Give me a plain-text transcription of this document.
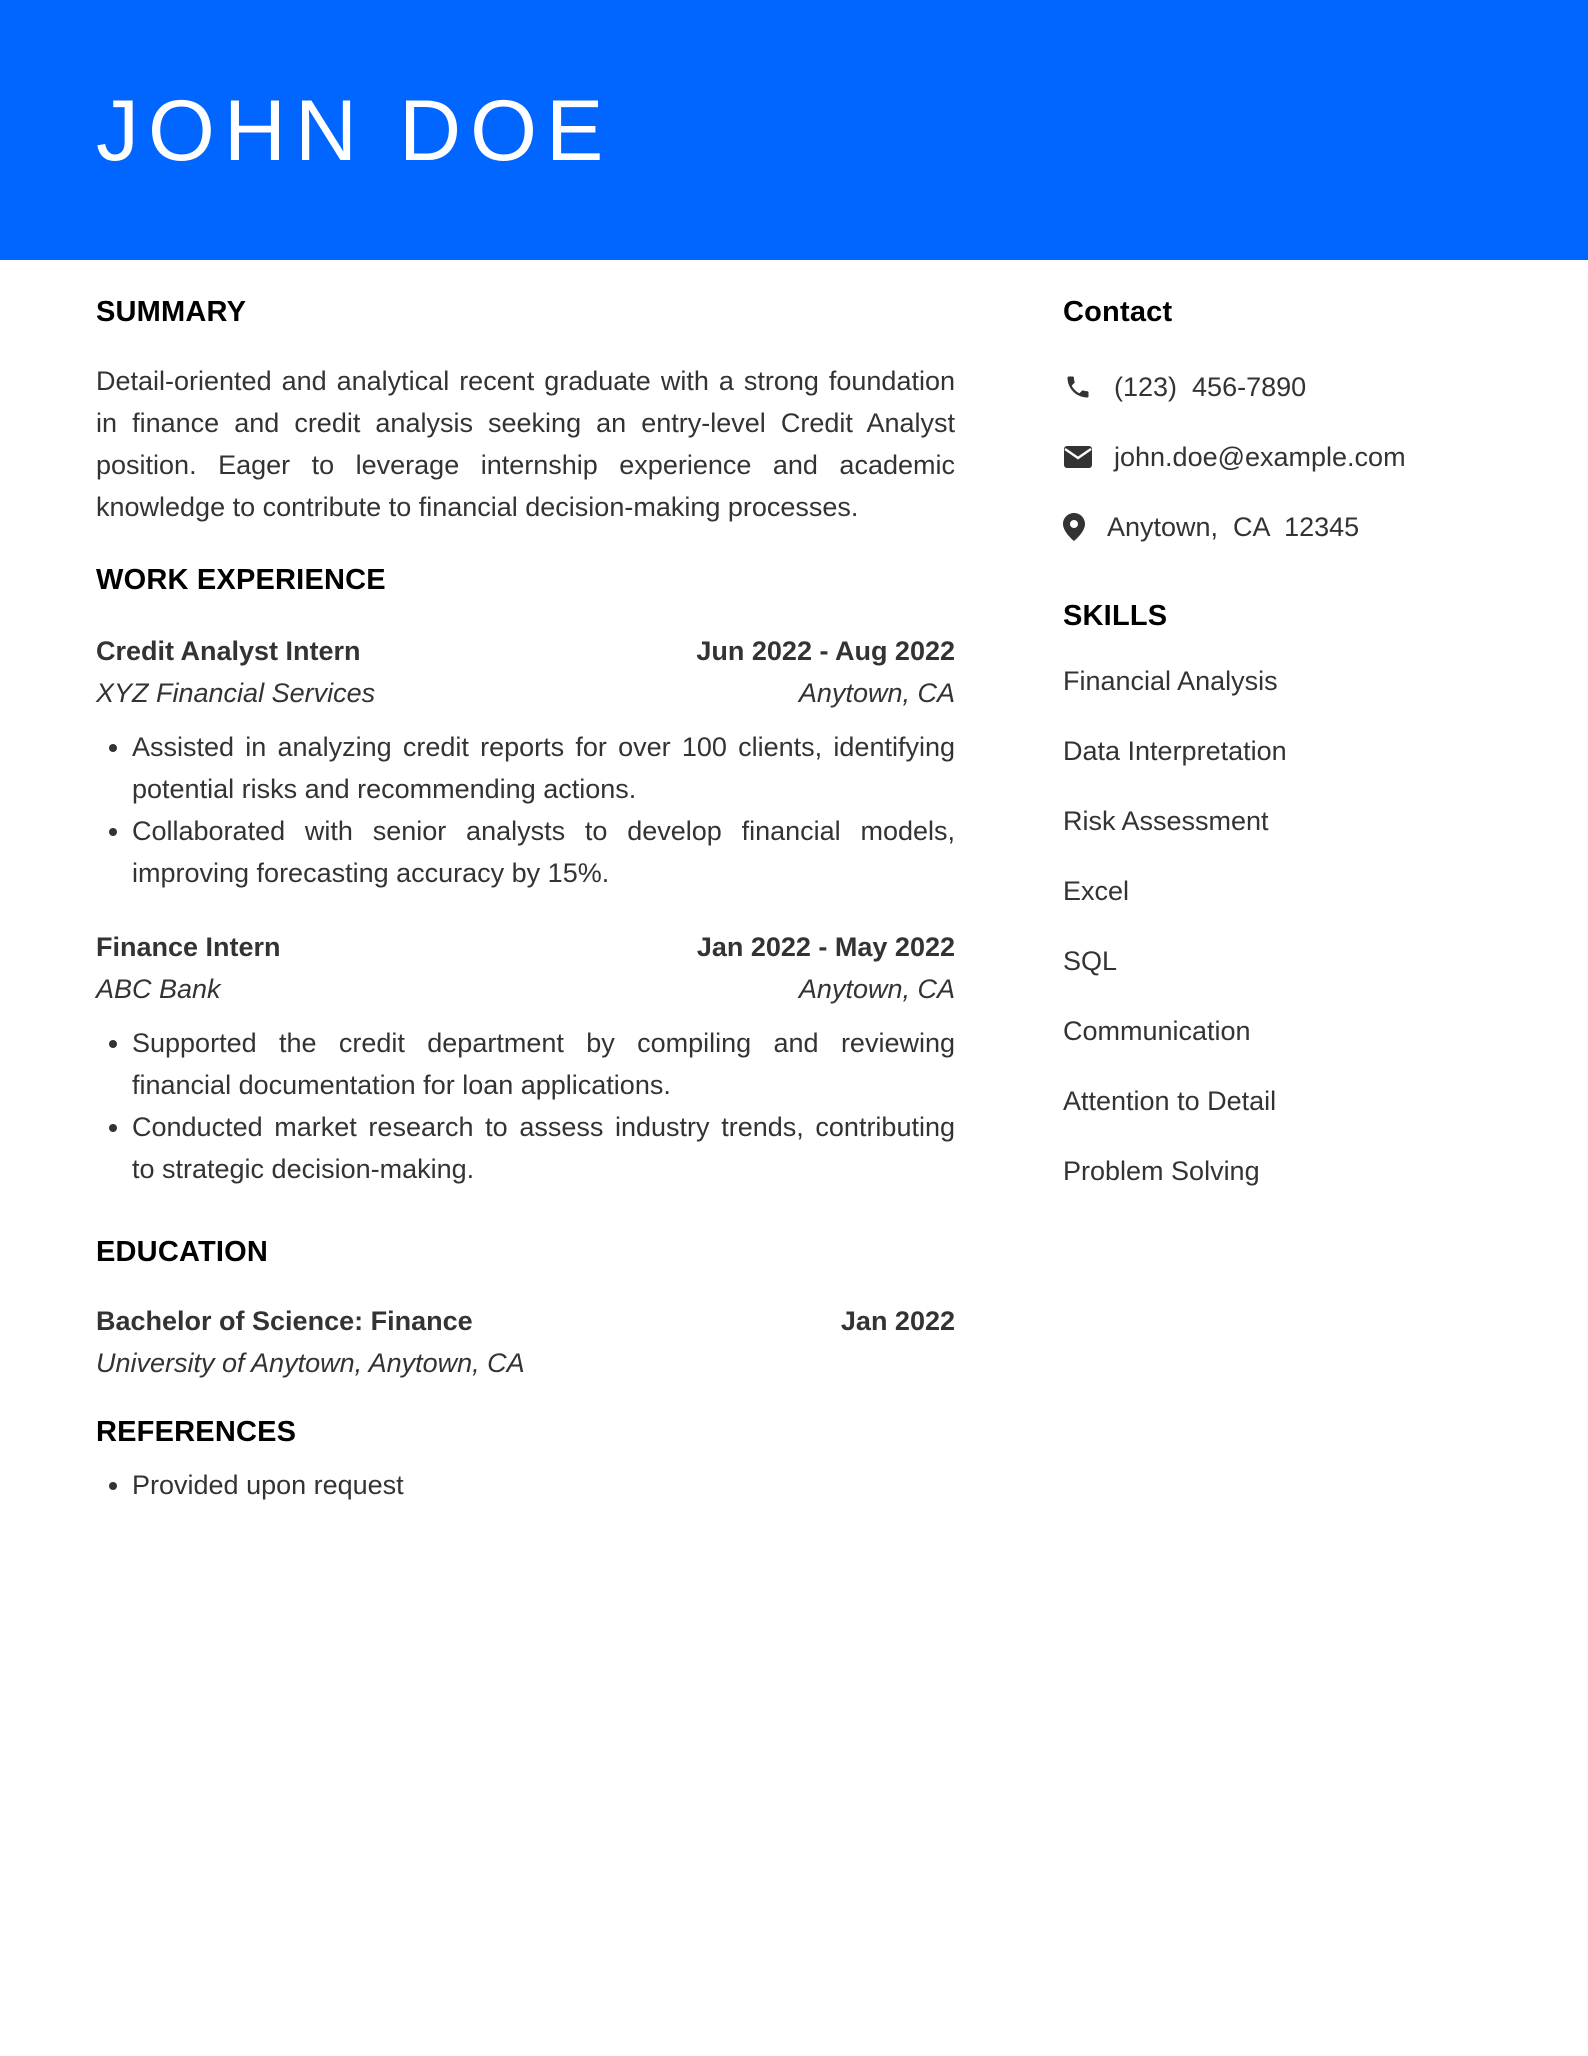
JOHN DOE
SUMMARY

Detail-oriented and analytical recent graduate with a strong foundation in finance and credit analysis seeking an entry-level Credit Analyst position. Eager to leverage internship experience and academic knowledge to contribute to financial decision-making processes.

WORK EXPERIENCE
Credit Analyst Intern	Jun 2022 - Aug 2022
XYZ Financial Services	Anytown, CA
• Assisted in analyzing credit reports for over 100 clients, identifying potential risks and recommending actions.
• Collaborated with senior analysts to develop financial models, improving forecasting accuracy by 15%.
Finance Intern	Jan 2022 - May 2022
ABC Bank	Anytown, CA
• Supported the credit department by compiling and reviewing financial documentation for loan applications.
• Conducted market research to assess industry trends, contributing to strategic decision-making.
EDUCATION
Bachelor of Science: Finance	Jan 2022
University of Anytown, Anytown, CA
REFERENCES
• Provided upon request
Contact
(123)  456-7890
john.doe@example.com
Anytown,  CA  12345
SKILLS
Financial Analysis
Data Interpretation
Risk Assessment
Excel
SQL
Communication
Attention to Detail
Problem Solving
